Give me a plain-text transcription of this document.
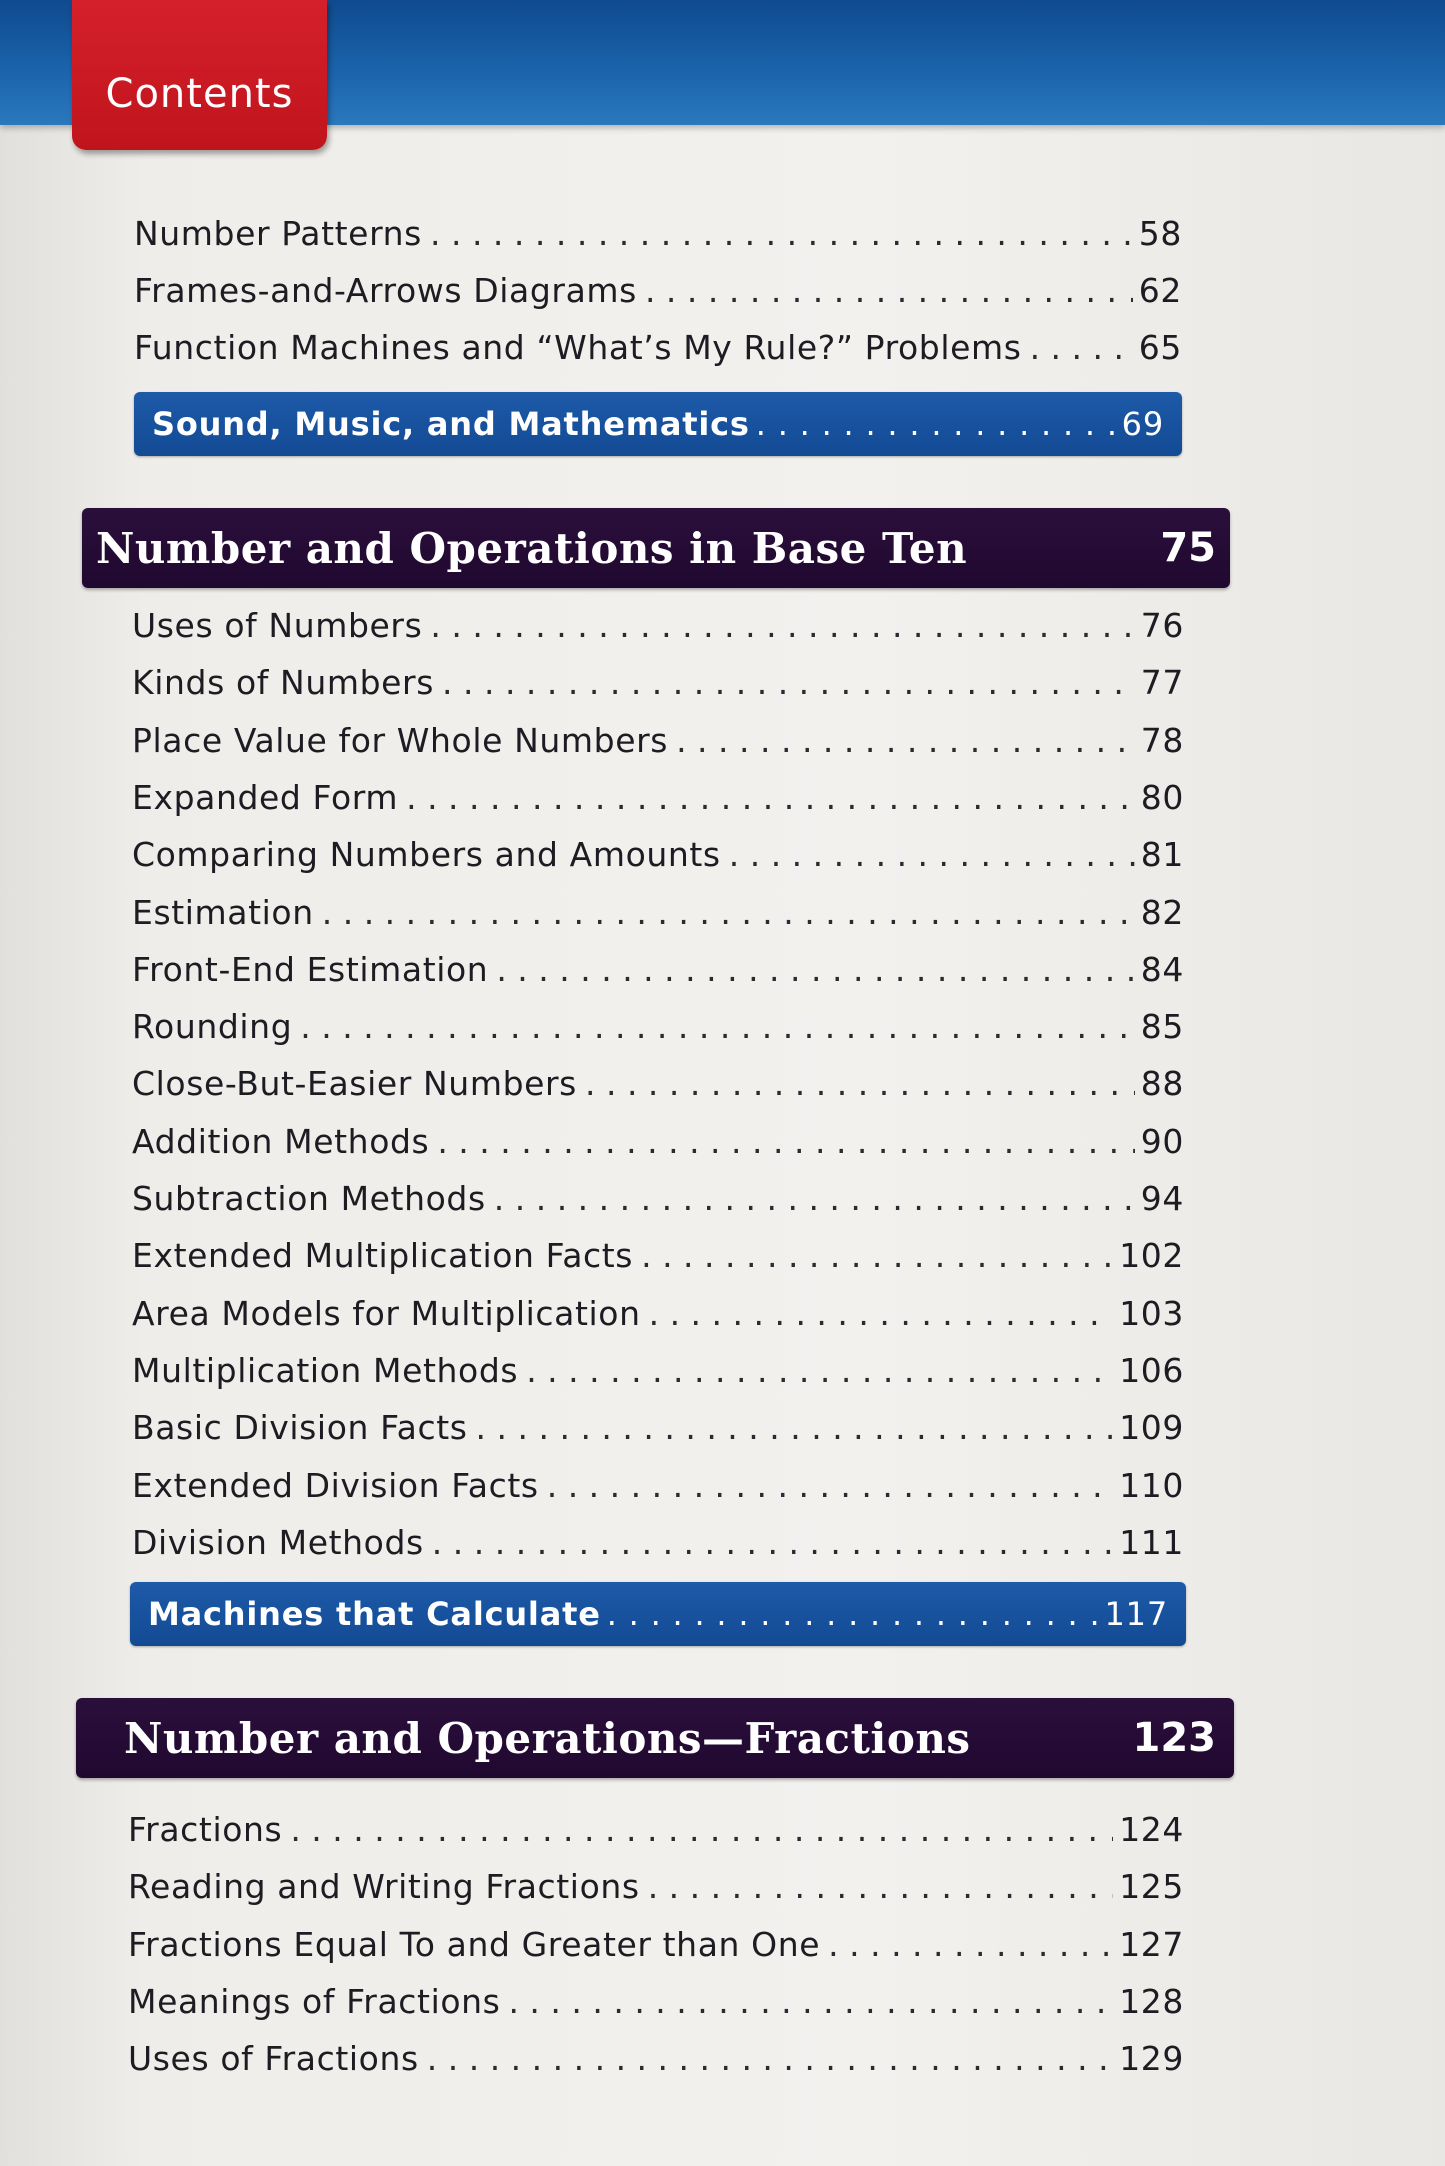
Contents
Number Patterns . . .	58
Frames-and-Arrows Diagrams . . .	62
Function Machines and “What’s My Rule?” Problems . . .	65
Sound, Music, and Mathematics . . .	69
Number and Operations in Base Ten	75
Uses of Numbers . . .	76
Kinds of Numbers . . .	77
Place Value for Whole Numbers . . .	78
Expanded Form . . .	80
Comparing Numbers and Amounts . . .	81
Estimation . . .	82
Front-End Estimation . . .	84
Rounding . . .	85
Close-But-Easier Numbers . . .	88
Addition Methods . . .	90
Subtraction Methods . . .	94
Extended Multiplication Facts . . .	102
Area Models for Multiplication . . .	103
Multiplication Methods . . .	106
Basic Division Facts . . .	109
Extended Division Facts . . .	110
Division Methods . . .	111
Machines that Calculate . . .	117
Number and Operations—Fractions	123
Fractions . . .	124
Reading and Writing Fractions . . .	125
Fractions Equal To and Greater than One . . .	127
Meanings of Fractions . . .	128
Uses of Fractions . . .	129
